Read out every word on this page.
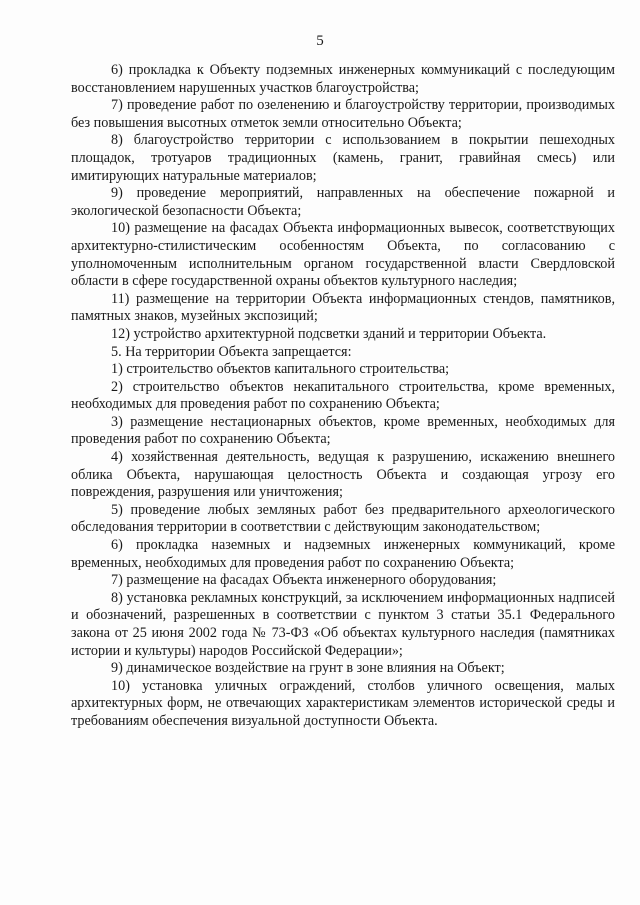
5

6) прокладка к Объекту подземных инженерных коммуникаций с последующим восстановлением нарушенных участков благоустройства;

7) проведение работ по озеленению и благоустройству территории, производимых без повышения высотных отметок земли относительно Объекта;

8) благоустройство территории с использованием в покрытии пешеходных площадок, тротуаров традиционных (камень, гранит, гравийная смесь) или имитирующих натуральные материалов;

9) проведение мероприятий, направленных на обеспечение пожарной и экологической безопасности Объекта;

10) размещение на фасадах Объекта информационных вывесок, соответствующих архитектурно-стилистическим особенностям Объекта, по согласованию с уполномоченным исполнительным органом государственной власти Свердловской области в сфере государственной охраны объектов культурного наследия;

11) размещение на территории Объекта информационных стендов, памятников, памятных знаков, музейных экспозиций;

12) устройство архитектурной подсветки зданий и территории Объекта.

5. На территории Объекта запрещается:

1) строительство объектов капитального строительства;

2) строительство объектов некапитального строительства, кроме временных, необходимых для проведения работ по сохранению Объекта;

3) размещение нестационарных объектов, кроме временных, необходимых для проведения работ по сохранению Объекта;

4) хозяйственная деятельность, ведущая к разрушению, искажению внешнего облика Объекта, нарушающая целостность Объекта и создающая угрозу его повреждения, разрушения или уничтожения;

5) проведение любых земляных работ без предварительного археологического обследования территории в соответствии с действующим законодательством;

6) прокладка наземных и надземных инженерных коммуникаций, кроме временных, необходимых для проведения работ по сохранению Объекта;

7) размещение на фасадах Объекта инженерного оборудования;

8) установка рекламных конструкций, за исключением информационных надписей и обозначений, разрешенных в соответствии с пунктом 3 статьи 35.1 Федерального закона от 25 июня 2002 года № 73-ФЗ «Об объектах культурного наследия (памятниках истории и культуры) народов Российской Федерации»;

9) динамическое воздействие на грунт в зоне влияния на Объект;

10) установка уличных ограждений, столбов уличного освещения, малых архитектурных форм, не отвечающих характеристикам элементов исторической среды и требованиям обеспечения визуальной доступности Объекта.
